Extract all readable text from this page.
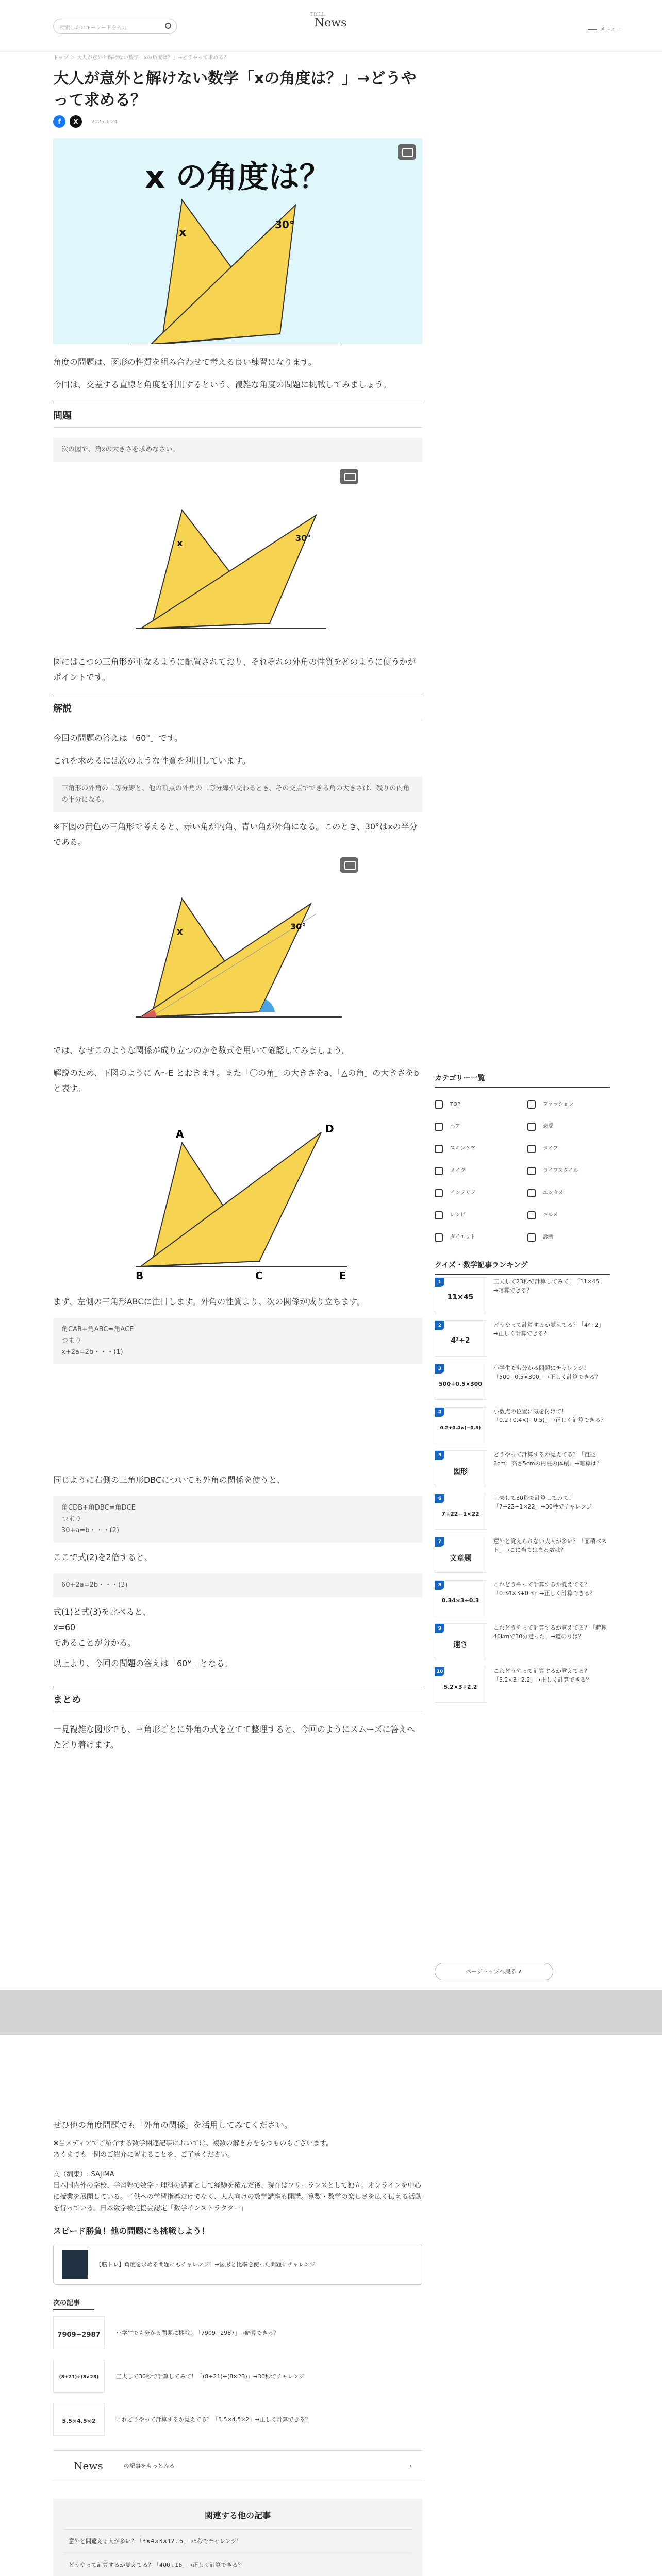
検索したいキーワードを入力
TRILL
News
メニュー
トップ ＞ 大人が意外と解けない数学「xの角度は？」→どうやって求める？
大人が意外と解けない数学「xの角度は？」→どうやって求める？
f	X	2025.1.24
x の角度は？
x
30°

角度の問題は、図形の性質を組み合わせて考える良い練習になります。

今回は、交差する直線と角度を利用するという、複雑な角度の問題に挑戦してみましょう。

問題
次の図で、角xの大きさを求めなさい。
x	30°

図にはこつの三角形が重なるように配置されており、それぞれの外角の性質をどのように使うかがポイントです。

解説

今回の問題の答えは「60°」です。

これを求めるには次のような性質を利用しています。

三角形の外角の二等分線と、他の頂点の外角の二等分線が交わるとき、その交点でできる角の大きさは、残りの内角の半分になる。

※下図の黄色の三角形で考えると、赤い角が内角、青い角が外角になる。このとき、30°はxの半分である。

x	30°

では、なぜこのような関係が成り立つのかを数式を用いて確認してみましょう。

解説のため、下図のように A〜E とおきます。また「〇の角」の大きさをa、「△の角」の大きさをbと表す。

A
B	C
D
E

まず、左側の三角形ABCに注目します。外角の性質より、次の関係が成り立ちます。

角CAB+角ABC=角ACE
つまり
x+2a=2b・・・(1)

同じように右側の三角形DBCについても外角の関係を使うと、

角CDB+角DBC=角DCE
つまり
30+a=b・・・(2)

ここで式(2)を2倍すると、

60+2a=2b・・・(3)

式(1)と式(3)を比べると、

x=60

であることが分かる。

以上より、今回の問題の答えは「60°」となる。

まとめ

一見複雑な図形でも、三角形ごとに外角の式を立てて整理すると、今回のようにスムーズに答えへたどり着けます。

カテゴリー一覧
TOP	ファッション
ヘア	恋愛
スキンケア	ライフ
メイク	ライフスタイル
インテリア	エンタメ
レシピ	グルメ
ダイエット	診断
クイズ・数学記事ランキング
1
11×45
工夫して23秒で計算してみて！「11×45」→暗算できる？
2
4²÷2
どうやって計算するか覚えてる？「4²÷2」→正しく計算できる？
3
500+0.5×300
小学生でも分かる問題にチャレンジ！「500+0.5×300」→正しく計算できる？
4
0.2+0.4×(−0.5)
小数点の位置に気を付けて！「0.2+0.4×(−0.5)」→正しく計算できる？
5
図形
どうやって計算するか覚えてる？「直径8cm、高さ5cmの円柱の体積」→暗算は？
6
7+22−1×22
工夫して30秒で計算してみて！「7+22−1×22」→30秒でチャレンジ
7
文章題
意外と覚えられない大人が多い？「面積ベスト」→こに当てはまる数は？
8
0.34×3+0.3
これどうやって計算するか覚えてる？「0.34×3+0.3」→正しく計算できる？
9
速さ
これどうやって計算するか覚えてる？「時速40kmで30分走った」→道のりは？
10
5.2×3+2.2
これどうやって計算するか覚えてる？「5.2×3+2.2」→正しく計算できる？
ページトップへ戻る ∧

ぜひ他の角度問題でも「外角の関係」を活用してみてください。

※当メディアでご紹介する数学関連記事においては、複数の解き方をもつものもございます。

あくまでも一例のご紹介に留まることを、ご了承ください。

文（編集）: SAJIMA

日本国内外の学校、学習塾で数学・理科の講師として経験を積んだ後、現在はフリーランスとして独立。オンラインを中心に授業を展開している。子供への学習指導だけでなく、大人向けの数学講座も開講。算数・数学の楽しさを広く伝える活動を行っている。日本数学検定協会認定「数学インストラクター」

スピード勝負！他の問題にも挑戦しよう！
【脳トレ】角度を求める問題にもチャレンジ！→図形と比率を使った問題にチャレンジ
次の記事
7909−2987	小学生でも分かる問題に挑戦！「7909−2987」→暗算できる？
(8+21)÷(8×23)	工夫して30秒で計算してみて！「(8+21)÷(8×23)」→30秒でチャレンジ
5.5×4.5×2	これどうやって計算するか覚えてる？「5.5×4.5×2」→正しく計算できる？
News	の記事をもっとみる	›
関連する他の記事
意外と間違える人が多い？「3×4×3×12÷6」→5秒でチャレンジ！
どうやって計算するか覚えてる？「400÷16」→正しく計算できる？
